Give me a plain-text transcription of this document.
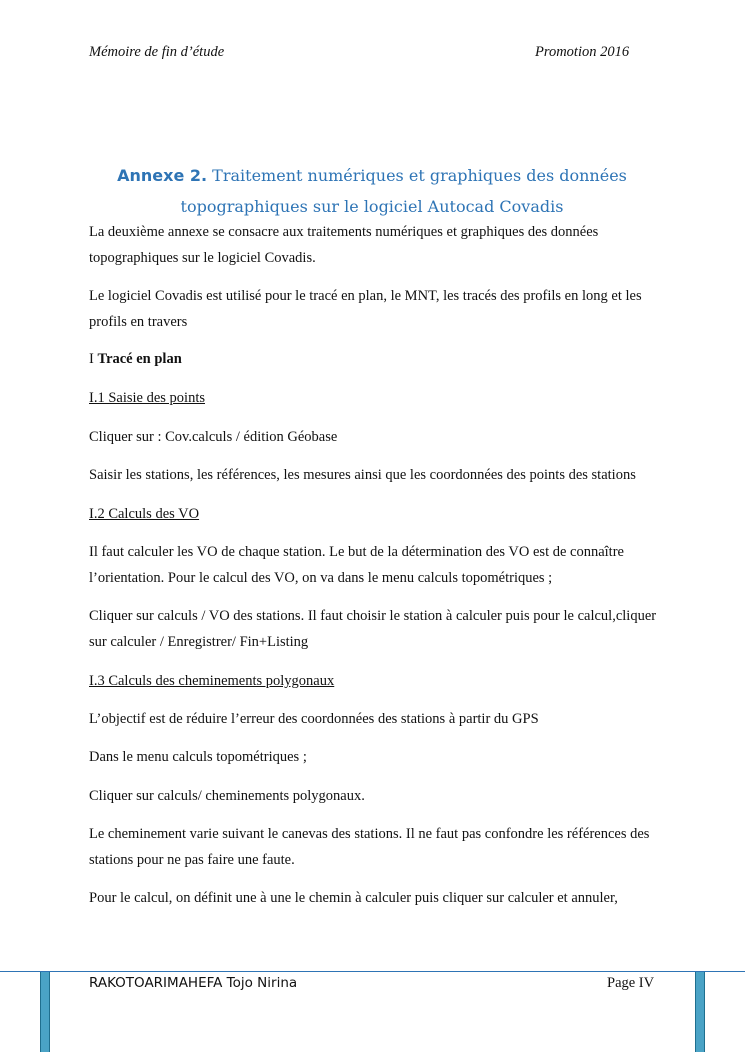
Mémoire de fin d’étude	Promotion 2016
Annexe 2. Traitement numériques et graphiques des données
topographiques sur le logiciel Autocad Covadis
La deuxième annexe se consacre aux traitements numériques et graphiques des données topographiques sur le logiciel Covadis.
Le logiciel Covadis est utilisé pour le tracé en plan, le MNT, les tracés des profils en long et les profils en travers
I Tracé en plan
I.1 Saisie des points
Cliquer sur : Cov.calculs / édition Géobase
Saisir les stations, les références, les mesures ainsi que les coordonnées des points des stations
I.2 Calculs des VO
Il faut calculer les VO de chaque station. Le but de la détermination des VO est de connaître l’orientation. Pour le calcul des VO, on va dans le menu calculs topométriques ;
Cliquer sur calculs / VO des stations. Il faut choisir le station à calculer puis pour le calcul,cliquer sur calculer / Enregistrer/ Fin+Listing
I.3 Calculs des cheminements polygonaux
L’objectif est de réduire l’erreur des coordonnées des stations à partir du GPS
Dans le menu calculs topométriques ;
Cliquer sur calculs/ cheminements polygonaux.
Le cheminement varie suivant le canevas des stations. Il ne faut pas confondre les références des stations pour ne pas faire une faute.
Pour le calcul, on définit une à une le chemin à calculer puis cliquer sur calculer et annuler,
RAKOTOARIMAHEFA Tojo Nirina	Page IV
